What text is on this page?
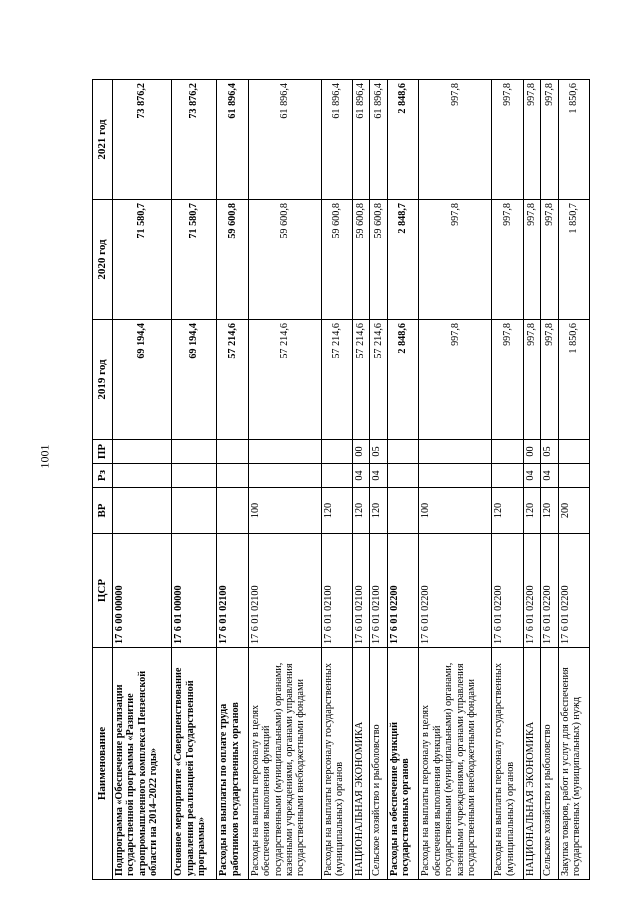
1001
Наименование	ЦСР	ВР	Рз	ПР	2019 год	2020 год	2021 год
Подпрограмма «Обеспечение реализации государственной программы «Развитие агропромышленного комплекса Пензенской области на 2014–2022 годы»	17 6 00 00000				69 194,4	71 580,7	73 876,2
Основное мероприятие «Совершенствование управления реализацией Государственной программы»	17 6 01 00000				69 194,4	71 580,7	73 876,2
Расходы на выплаты по оплате труда работников государственных органов	17 6 01 02100				57 214,6	59 600,8	61 896,4
Расходы на выплаты персоналу в целях обеспечения выполнения функций государственными (муниципальными) органами, казенными учреждениями, органами управления государственными внебюджетными фондами	17 6 01 02100	100			57 214,6	59 600,8	61 896,4
Расходы на выплаты персоналу государственных (муниципальных) органов	17 6 01 02100	120			57 214,6	59 600,8	61 896,4
НАЦИОНАЛЬНАЯ ЭКОНОМИКА	17 6 01 02100	120	04	00	57 214,6	59 600,8	61 896,4
Сельское хозяйство и рыболовство	17 6 01 02100	120	04	05	57 214,6	59 600,8	61 896,4
Расходы на обеспечение функций государственных органов	17 6 01 02200				2 848,6	2 848,7	2 848,6
Расходы на выплаты персоналу в целях обеспечения выполнения функций государственными (муниципальными) органами, казенными учреждениями, органами управления государственными внебюджетными фондами	17 6 01 02200	100			997,8	997,8	997,8
Расходы на выплаты персоналу государственных (муниципальных) органов	17 6 01 02200	120			997,8	997,8	997,8
НАЦИОНАЛЬНАЯ ЭКОНОМИКА	17 6 01 02200	120	04	00	997,8	997,8	997,8
Сельское хозяйство и рыболовство	17 6 01 02200	120	04	05	997,8	997,8	997,8
Закупка товаров, работ и услуг для обеспечения государственных (муниципальных) нужд	17 6 01 02200	200			1 850,6	1 850,7	1 850,6
